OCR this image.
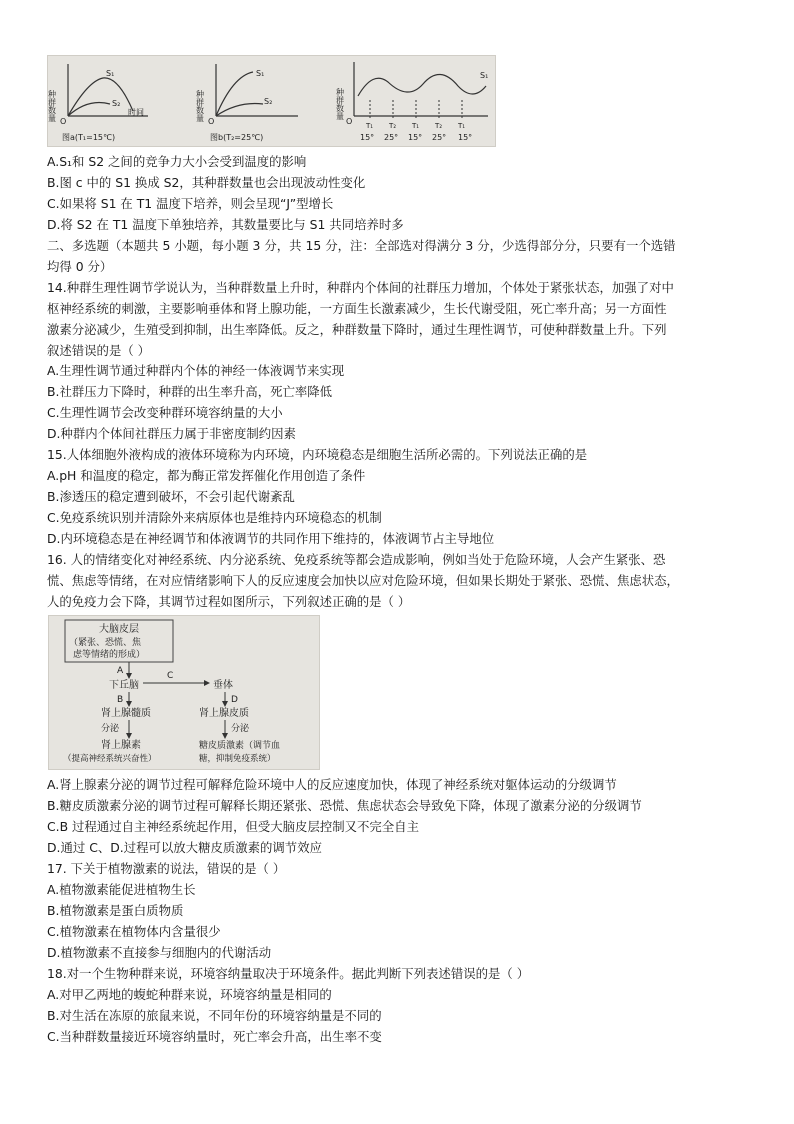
种群数量
S₁
S₂
时间
O
图a(T₁=15℃)
种群数量
S₁
S₂
O
图b(T₂=25℃)
种群数量
S₁
O T₁ T₂ T₁ T₂ T₁
15° 25° 15° 25° 15°
A.S₁和 S2 之间的竞争力大小会受到温度的影响
B.图 c 中的 S1 换成 S2，其种群数量也会出现波动性变化
C.如果将 S1 在 T1 温度下培养，则会呈现“J”型增长
D.将 S2 在 T1 温度下单独培养，其数量要比与 S1 共同培养时多
二、多选题（本题共 5 小题，每小题 3 分，共 15 分，注：全部选对得满分 3 分，少选得部分分，只要有一个选错
均得 0 分）
14.种群生理性调节学说认为，当种群数量上升时，种群内个体间的社群压力增加，个体处于紧张状态，加强了对中
枢神经系统的刺激，主要影响垂体和肾上腺功能，一方面生长激素减少，生长代谢受阻，死亡率升高；另一方面性
激素分泌减少，生殖受到抑制，出生率降低。反之，种群数量下降时，通过生理性调节，可使种群数量上升。下列
叙述错误的是（ ）
A.生理性调节通过种群内个体的神经一体液调节来实现
B.社群压力下降时，种群的出生率升高，死亡率降低
C.生理性调节会改变种群环境容纳量的大小
D.种群内个体间社群压力属于非密度制约因素
15.人体细胞外液构成的液体环境称为内环境，内环境稳态是细胞生活所必需的。下列说法正确的是
A.pH 和温度的稳定，都为酶正常发挥催化作用创造了条件
B.渗透压的稳定遭到破坏，不会引起代谢紊乱
C.免疫系统识别并清除外来病原体也是维持内环境稳态的机制
D.内环境稳态是在神经调节和体液调节的共同作用下维持的，体液调节占主导地位
16. 人的情绪变化对神经系统、内分泌系统、免疫系统等都会造成影响，例如当处于危险环境，人会产生紧张、恐
慌、焦虑等情绪，在对应情绪影响下人的反应速度会加快以应对危险环境，但如果长期处于紧张、恐慌、焦虑状态，
人的免疫力会下降，其调节过程如图所示，下列叙述正确的是（ ）
大脑皮层
（紧张、恐慌、焦
虑等情绪的形成）
A
下丘脑
C
垂体
B	D
肾上腺髓质	肾上腺皮质
分泌	分泌
肾上腺素
（提高神经系统兴奋性）
糖皮质激素（调节血
糖，抑制免疫系统）
A.肾上腺素分泌的调节过程可解释危险环境中人的反应速度加快，体现了神经系统对躯体运动的分级调节
B.糖皮质激素分泌的调节过程可解释长期还紧张、恐慌、焦虑状态会导致免下降，体现了激素分泌的分级调节
C.B 过程通过自主神经系统起作用，但受大脑皮层控制又不完全自主
D.通过 C、D.过程可以放大糖皮质激素的调节效应
17. 下关于植物激素的说法，错误的是（ ）
A.植物激素能促进植物生长
B.植物激素是蛋白质物质
C.植物激素在植物体内含量很少
D.植物激素不直接参与细胞内的代谢活动
18.对一个生物种群来说，环境容纳量取决于环境条件。据此判断下列表述错误的是（ ）
A.对甲乙两地的蝮蛇种群来说，环境容纳量是相同的
B.对生活在冻原的旅鼠来说，不同年份的环境容纳量是不同的
C.当种群数量接近环境容纳量时，死亡率会升高，出生率不变
